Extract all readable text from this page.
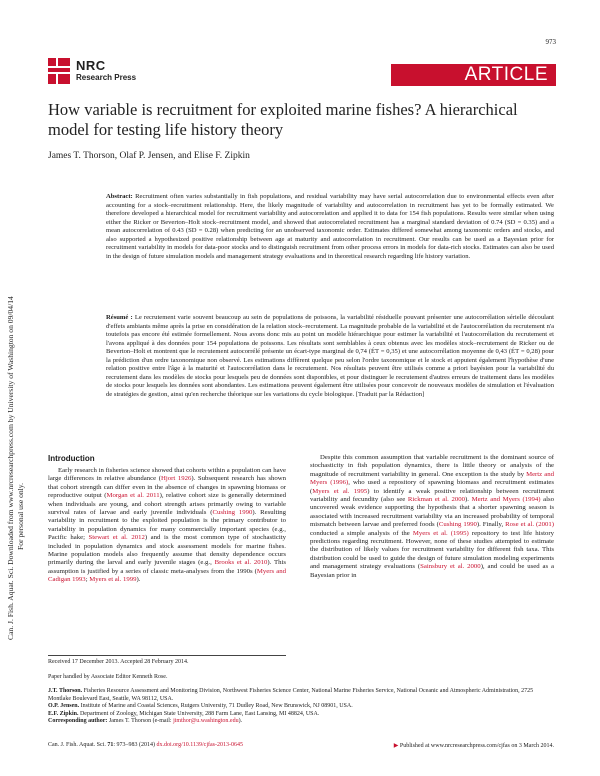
973
NRC
Research Press	ARTICLE
How variable is recruitment for exploited marine fishes? A hierarchical model for testing life history theory
James T. Thorson, Olaf P. Jensen, and Elise F. Zipkin
Can. J. Fish. Aquat. Sci. Downloaded from www.nrcresearchpress.com by University of Washington on 09/04/14 For personal use only.
Abstract: Recruitment often varies substantially in fish populations, and residual variability may have serial autocorrelation due to environmental effects even after accounting for a stock–recruitment relationship. Here, the likely magnitude of variability and autocorrelation in recruitment has yet to be formally estimated. We therefore developed a hierarchical model for recruitment variability and autocorrelation and applied it to data for 154 fish populations. Results were similar when using either the Ricker or Beverton–Holt stock–recruitment model, and showed that autocorrelated recruitment has a marginal standard deviation of 0.74 (SD = 0.35) and a mean autocorrelation of 0.43 (SD = 0.28) when predicting for an unobserved taxonomic order. Estimates differed somewhat among taxonomic orders and stocks, and also supported a hypothesized positive relationship between age at maturity and autocorrelation in recruitment. Our results can be used as a Bayesian prior for recruitment variability in models for data-poor stocks and to distinguish recruitment from other process errors in models for data-rich stocks. Estimates can also be used in the design of future simulation models and management strategy evaluations and in theoretical research regarding life history variation.
Résumé : Le recrutement varie souvent beaucoup au sein de populations de poissons, la variabilité résiduelle pouvant présenter une autocorrélation sérielle découlant d'effets ambiants même après la prise en considération de la relation stock–recrutement. La magnitude probable de la variabilité et de l'autocorrélation du recrutement n'a toutefois pas encore été estimée formellement. Nous avons donc mis au point un modèle hiérarchique pour estimer la variabilité et l'autocorrélation du recrutement et l'avons appliqué à des données pour 154 populations de poissons. Les résultats sont semblables à ceux obtenus avec les modèles stock–recrutement de Ricker ou de Beverton–Holt et montrent que le recrutement autocorrélé présente un écart-type marginal de 0,74 (ÉT = 0,35) et une autocorrélation moyenne de 0,43 (ÉT = 0,28) pour la prédiction d'un ordre taxonomique non observé. Les estimations diffèrent quelque peu selon l'ordre taxonomique et le stock et appuient également l'hypothèse d'une relation positive entre l'âge à la maturité et l'autocorrélation dans le recrutement. Nos résultats peuvent être utilisés comme a priori bayésien pour la variabilité du recrutement dans les modèles de stocks pour lesquels peu de données sont disponibles, et pour distinguer le recrutement d'autres erreurs de traitement dans les modèles de stocks pour lesquels les données sont abondantes. Les estimations peuvent également être utilisées pour concevoir de nouveaux modèles de simulation et l'évaluation de stratégies de gestion, ainsi qu'en recherche théorique sur les variations du cycle biologique. [Traduit par la Rédaction]
Introduction
Early research in fisheries science showed that cohorts within a population can have large differences in relative abundance (Hjort 1926). Subsequent research has shown that cohort strength can differ even in the absence of changes in spawning biomass or reproductive output (Morgan et al. 2011), relative cohort size is generally determined when individuals are young, and cohort strength arises primarily owing to variable survival rates of larvae and early juvenile individuals (Cushing 1990). Resulting variability in recruitment to the exploited population is the primary contributor to variability in population dynamics for many commercially important species (e.g., Pacific hake; Stewart et al. 2012) and is the most common type of stochasticity included in population dynamics and stock assessment models for marine fishes. Marine population models also frequently assume that density dependence occurs primarily during the larval and early juvenile stages (e.g., Brooks et al. 2010). This assumption is justified by a series of classic meta-analyses from the 1990s (Myers and Cadigan 1993; Myers et al. 1999).
Despite this common assumption that variable recruitment is the dominant source of stochasticity in fish population dynamics, there is little theory or analysis of the magnitude of recruitment variability in general. One exception is the study by Mertz and Myers (1996), who used a repository of spawning biomass and recruitment estimates (Myers et al. 1995) to identify a weak positive relationship between recruitment variability and fecundity (also see Rickman et al. 2000). Mertz and Myers (1994) also uncovered weak evidence supporting the hypothesis that a shorter spawning season is associated with increased recruitment variability via an increased probability of temporal mismatch between larvae and preferred foods (Cushing 1990). Finally, Rose et al. (2001) conducted a simple analysis of the Myers et al. (1995) repository to test life history predictions regarding recruitment. However, none of these studies attempted to estimate the distribution of likely values for recruitment variability for different fish taxa. This distribution could be used to guide the design of future simulation modeling experiments and management strategy evaluations (Sainsbury et al. 2000), and could be used as a Bayesian prior in
Received 17 December 2013. Accepted 28 February 2014.
Paper handled by Associate Editor Kenneth Rose.
J.T. Thorson. Fisheries Resource Assessment and Monitoring Division, Northwest Fisheries Science Center, National Marine Fisheries Service, National Oceanic and Atmospheric Administration, 2725 Montlake Boulevard East, Seattle, WA 98112, USA.
O.P. Jensen. Institute of Marine and Coastal Sciences, Rutgers University, 71 Dudley Road, New Brunswick, NJ 08901, USA.
E.F. Zipkin. Department of Zoology, Michigan State University, 288 Farm Lane, East Lansing, MI 48824, USA.
Corresponding author: James T. Thorson (e-mail: jimthor@u.washington.edu).
Can. J. Fish. Aquat. Sci. 71: 973–983 (2014) dx.doi.org/10.1139/cjfas-2013-0645	▶ Published at www.nrcresearchpress.com/cjfas on 3 March 2014.
